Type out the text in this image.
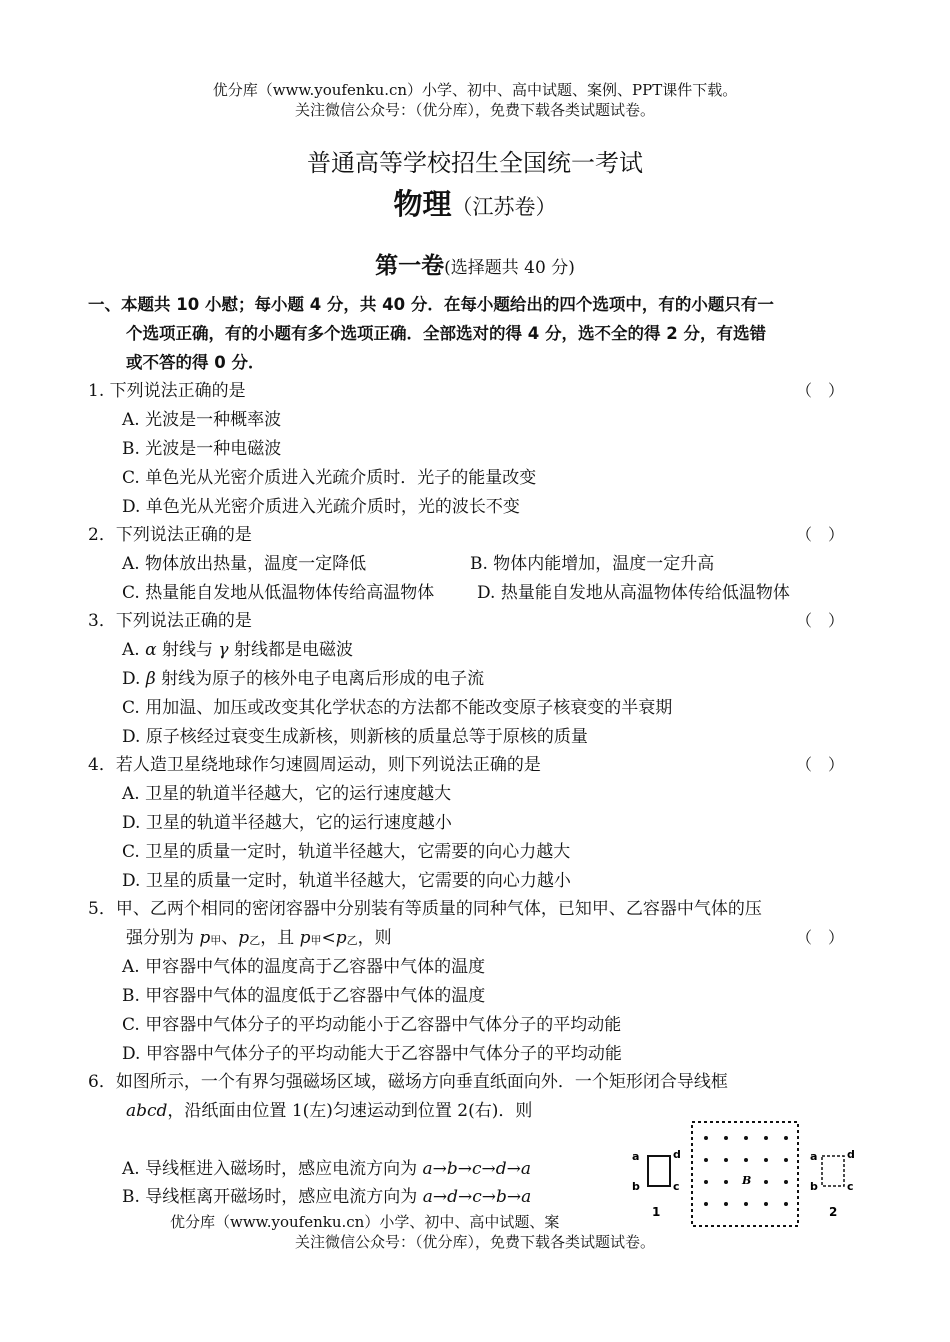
优分库（www.youfenku.cn）小学、初中、高中试题、案例、PPT课件下载。
关注微信公众号：（优分库），免费下载各类试题试卷。
普通高等学校招生全国统一考试
物理（江苏卷）
第一卷(选择题共 40 分)
一、本题共 10 小慰；每小题 4 分，共 40 分．在每小题给出的四个选项中，有的小题只有一
个选项正确，有的小题有多个选项正确．全部选对的得 4 分，选不全的得 2 分，有选错
或不答的得 0 分．
1. 下列说法正确的是	（　）
A. 光波是一种概率波
B. 光波是一种电磁波
C. 单色光从光密介质进入光疏介质时．光子的能量改变
D. 单色光从光密介质进入光疏介质时，光的波长不变
2．下列说法正确的是	（　）
A. 物体放出热量，温度一定降低	B. 物体内能增加，温度一定升高
C. 热量能自发地从低温物体传给高温物体	D. 热量能自发地从高温物体传给低温物体
3．下列说法正确的是	（　）
A. α 射线与 γ 射线都是电磁波
D. β 射线为原子的核外电子电离后形成的电子流
C. 用加温、加压或改变其化学状态的方法都不能改变原子核衰变的半衰期
D. 原子核经过衰变生成新核，则新核的质量总等于原核的质量
4．若人造卫星绕地球作匀速圆周运动，则下列说法正确的是	（　）
A. 卫星的轨道半径越大，它的运行速度越大
D. 卫星的轨道半径越大，它的运行速度越小
C. 卫星的质量一定时，轨道半径越大，它需要的向心力越大
D. 卫星的质量一定时，轨道半径越大，它需要的向心力越小
5．甲、乙两个相同的密闭容器中分别装有等质量的同种气体，已知甲、乙容器中气体的压
强分别为 $p_甲$、$p_乙$，且 $p_甲<p_乙$，则	（　）
A. 甲容器中气体的温度高于乙容器中气体的温度
B. 甲容器中气体的温度低于乙容器中气体的温度
C. 甲容器中气体分子的平均动能小于乙容器中气体分子的平均动能
D. 甲容器中气体分子的平均动能大于乙容器中气体分子的平均动能
6．如图所示，一个有界匀强磁场区域，磁场方向垂直纸面向外．一个矩形闭合导线框
abcd，沿纸面由位置 1(左)匀速运动到位置 2(右)．则
A. 导线框进入磁场时，感应电流方向为 a→b→c→d→a
B. 导线框离开磁场时，感应电流方向为 a→d→c→b→a
a
b	c
d
1
B
a
b	c
d
2
优分库（www.youfenku.cn）小学、初中、高中试题、案
关注微信公众号：（优分库），免费下载各类试题试卷。
